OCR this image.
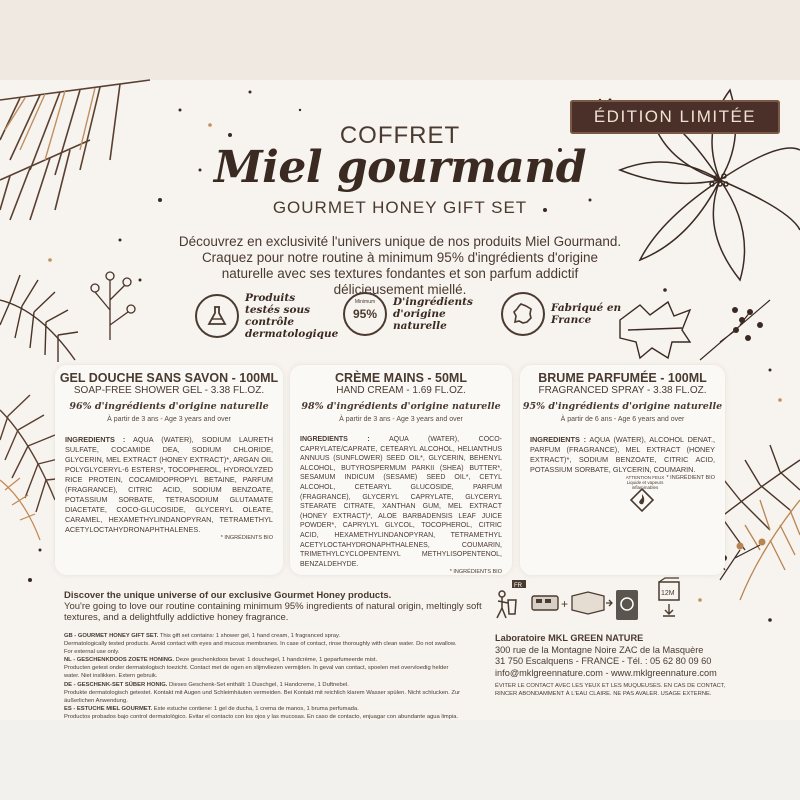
ÉDITION LIMITÉE
COFFRET
Miel gourmand
GOURMET HONEY GIFT SET
Découvrez en exclusivité l'univers unique de nos produits Miel Gourmand. Craquez pour notre routine à minimum 95% d'ingrédients d'origine naturelle avec ses textures fondantes et son parfum addictif délicieusement miellé.
Produits testés sous contrôle dermatologique
Minimum
95%
D'ingrédients d'origine naturelle
Fabriqué en France
GEL DOUCHE SANS SAVON - 100ML
SOAP-FREE SHOWER GEL - 3.38 FL.OZ.
96% d'ingrédients d'origine naturelle
À partir de 3 ans - Age 3 years and over
INGREDIENTS : AQUA (WATER), SODIUM LAURETH SULFATE, COCAMIDE DEA, SODIUM CHLORIDE, GLYCERIN, MEL EXTRACT (HONEY EXTRACT)*, ARGAN OIL POLYGLYCERYL-6 ESTERS*, TOCOPHEROL, HYDROLYZED RICE PROTEIN, COCAMIDOPROPYL BETAINE, PARFUM (FRAGRANCE), CITRIC ACID, SODIUM BENZOATE, POTASSIUM SORBATE, TETRASODIUM GLUTAMATE DIACETATE, COCO-GLUCOSIDE, GLYCERYL OLEATE, CARAMEL, HEXAMETHYLINDANOPYRAN, TETRAMETHYL ACETYLOCTAHYDRONAPHTHALENES.
* INGRÉDIENTS BIO
CRÈME MAINS - 50ML
HAND CREAM - 1.69 FL.OZ.
98% d'ingrédients d'origine naturelle
À partir de 3 ans - Age 3 years and over
INGREDIENTS :	AQUA (WATER), COCO-CAPRYLATE/CAPRATE, CETEARYL ALCOHOL, HELIANTHUS ANNUUS (SUNFLOWER) SEED OIL*, GLYCERIN, BEHENYL ALCOHOL, BUTYROSPERMUM PARKII (SHEA) BUTTER*, SESAMUM INDICUM (SESAME) SEED OIL*, CETYL ALCOHOL, CETEARYL GLUCOSIDE, PARFUM (FRAGRANCE), GLYCERYL CAPRYLATE, GLYCERYL STEARATE CITRATE, XANTHAN GUM, MEL EXTRACT (HONEY EXTRACT)*, ALOE BARBADENSIS LEAF JUICE POWDER*, CAPRYLYL GLYCOL, TOCOPHEROL, CITRIC ACID, HEXAMETHYLINDANOPYRAN, TETRAMETHYL ACETYLOCTAHYDRONAPHTHALENES, COUMARIN, TRIMETHYLCYCLOPENTENYL METHYLISOPENTENOL, BENZALDEHYDE.
* INGRÉDIENTS BIO
BRUME PARFUMÉE - 100ML
FRAGRANCED SPRAY - 3.38 FL.OZ.
95% d'ingrédients d'origine naturelle
À partir de 6 ans - Age 6 years and over
INGREDIENTS : AQUA (WATER), ALCOHOL DENAT., PARFUM (FRAGRANCE), MEL EXTRACT (HONEY EXTRACT)*, SODIUM BENZOATE, CITRIC ACID, POTASSIUM SORBATE, GLYCERIN, COUMARIN.
* INGRÉDIENT BIO
ATTENTION FEUX Liquide et vapeurs inflammables
Discover the unique universe of our exclusive Gourmet Honey products.
You're going to love our routine containing minimum 95% ingredients of natural origin, meltingly soft textures, and a delightfully addictive honey fragrance.
GB - GOURMET HONEY GIFT SET. This gift set contains: 1 shower gel, 1 hand cream, 1 fragranced spray.
Dermatologically tested products. Avoid contact with eyes and mucous membranes. In case of contact, rinse thoroughly with clean water. Do not swallow. For external use only.
NL - GESCHENKDOOS ZOETE HONING. Deze geschenkdoos bevat: 1 douchegel, 1 handcrème, 1 geparfumeerde mist.
Producten getest onder dermatologisch toezicht. Contact met de ogen en slijmvliezen vermijden. In geval van contact, spoelen met overvloedig helder water. Niet inslikken. Extern gebruik.
DE - GESCHENK-SET SÜBER HONIG. Dieses Geschenk-Set enthält: 1 Duschgel, 1 Handcreme, 1 Duftnebel.
Produkte dermatologisch getestet. Kontakt mit Augen und Schleimhäuten vermeiden. Bei Kontakt mit reichlich klarem Wasser spülen. Nicht schlucken. Zur äußerlichen Anwendung.
ES - ESTUCHE MIEL GOURMET. Este estuche contiene: 1 gel de ducha, 1 crema de manos, 1 bruma perfumada.
Productos probados bajo control dermatológico. Evitar el contacto con los ojos y las mucosas. En caso de contacto, enjuagar con abundante agua limpia.
FR
+
12M
Laboratoire MKL GREEN NATURE
300 rue de la Montagne Noire ZAC de la Masquère
31 750 Escalquens - FRANCE - Tél. : 05 62 80 09 60
info@mklgreennature.com - www.mklgreennature.com
ÉVITER LE CONTACT AVEC LES YEUX ET LES MUQUEUSES. EN CAS DE CONTACT, RINCER ABONDAMMENT À L'EAU CLAIRE. NE PAS AVALER. USAGE EXTERNE.
